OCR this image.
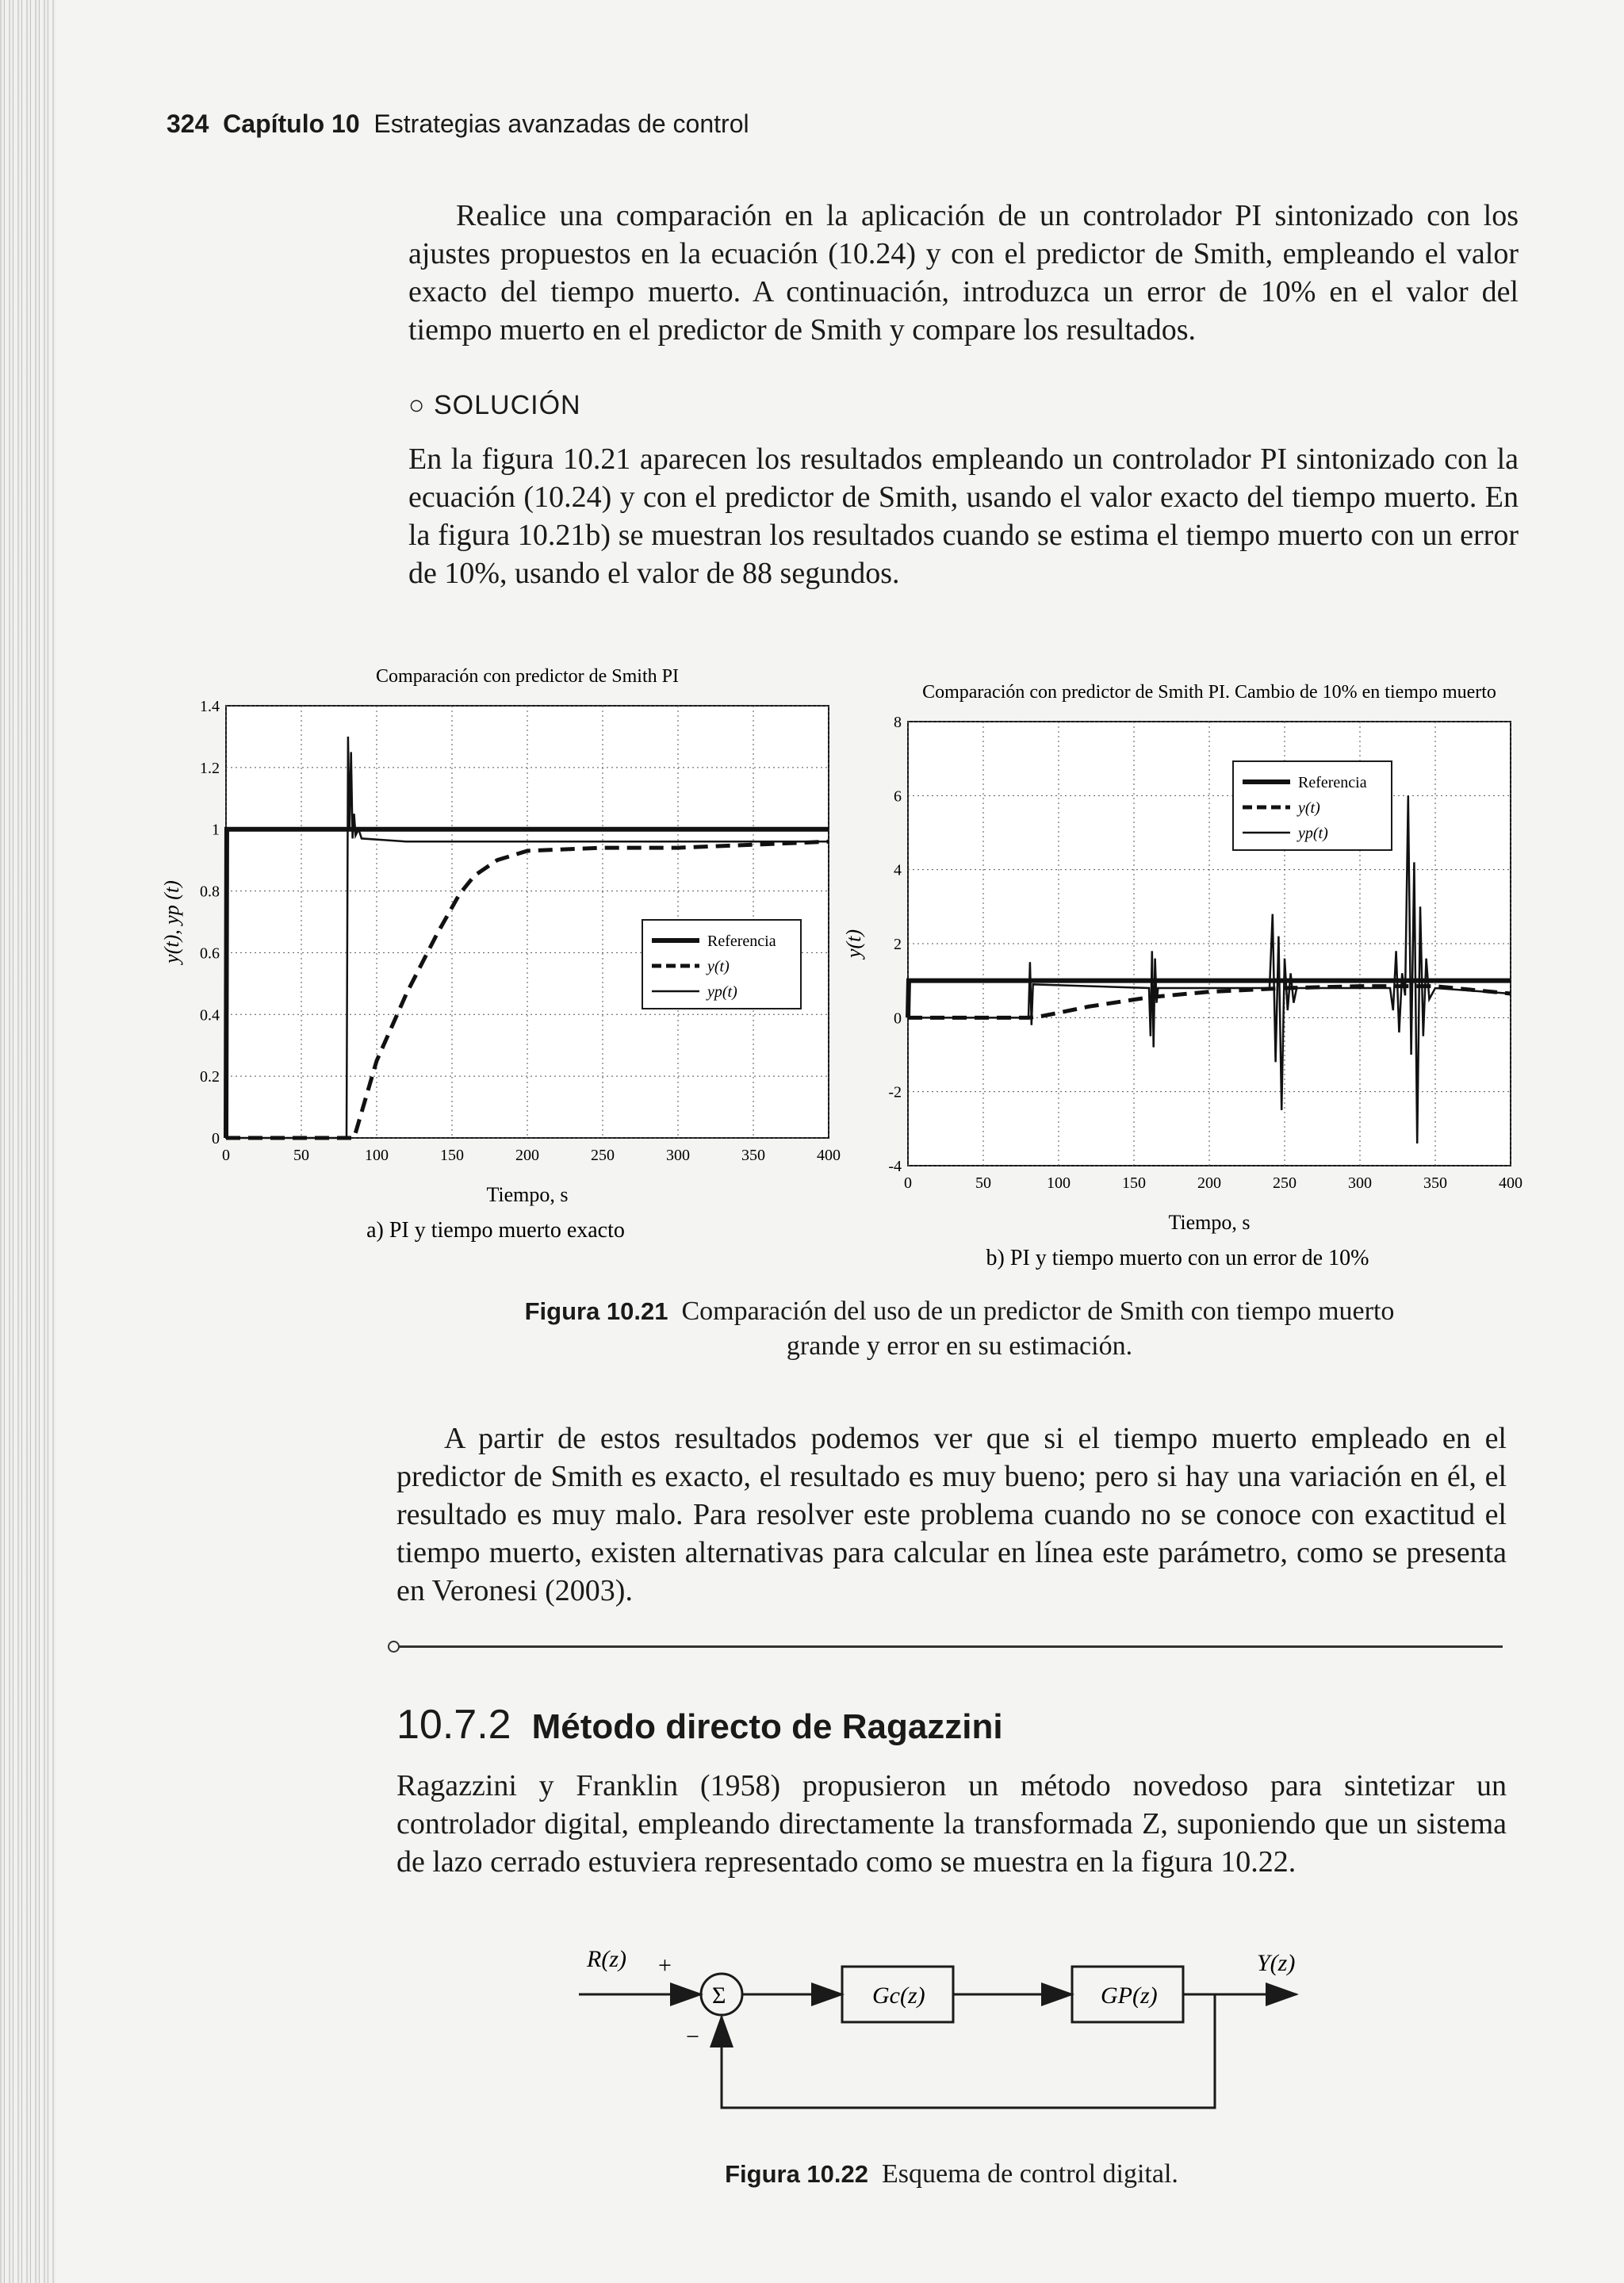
324 Capítulo 10 Estrategias avanzadas de control

Realice una comparación en la aplicación de un controlador PI sintonizado con los ajustes propuestos en la ecuación (10.24) y con el predictor de Smith, empleando el valor exacto del tiempo muerto. A continuación, introduzca un error de 10% en el valor del tiempo muerto en el predictor de Smith y compare los resultados.

○ SOLUCIÓN

En la figura 10.21 aparecen los resultados empleando un controlador PI sintonizado con la ecuación (10.24) y con el predictor de Smith, usando el valor exacto del tiempo muerto. En la figura 10.21b) se muestran los resultados cuando se estima el tiempo muerto con un error de 10%, usando el valor de 88 segundos.

Comparación con predictor de Smith PI
0	50	100	150	200	250	300	350	400
0
0.2
0.4
0.6
0.8
1
1.2
1.4
Tiempo, s
y(t), yp (t)
a) PI y tiempo muerto exacto
Referencia
y(t)
yp(t)
Comparación con predictor de Smith PI. Cambio de 10% en tiempo muerto
0	50	100	150	200	250	300	350	400
-4
-2
0
2
4
6
8
Tiempo, s
y(t)
b) PI y tiempo muerto con un error de 10%
Referencia
y(t)
yp(t)
Figura 10.21 Comparación del uso de un predictor de Smith con tiempo muerto grande y error en su estimación.

A partir de estos resultados podemos ver que si el tiempo muerto empleado en el predictor de Smith es exacto, el resultado es muy bueno; pero si hay una variación en él, el resultado es muy malo. Para resolver este problema cuando no se conoce con exactitud el tiempo muerto, existen alternativas para calcular en línea este parámetro, como se presenta en Veronesi (2003).

10.7.2 Método directo de Ragazzini

Ragazzini y Franklin (1958) propusieron un método novedoso para sintetizar un controlador digital, empleando directamente la transformada Z, suponiendo que un sistema de lazo cerrado estuviera representado como se muestra en la figura 10.22.

R(z) +
Σ
−
Gc(z)	GP(z)
Y(z)
Figura 10.22 Esquema de control digital.
